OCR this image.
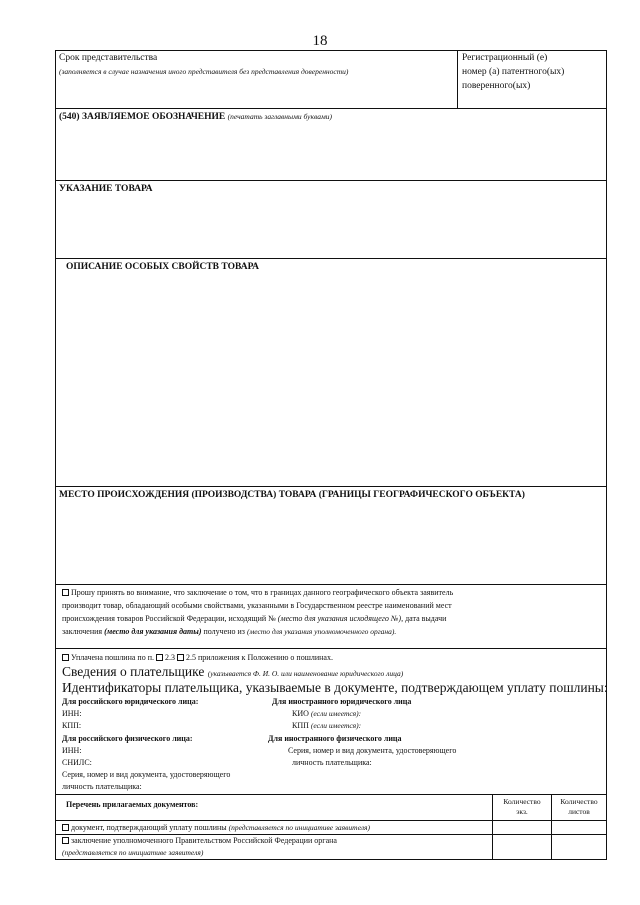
18
Срок представительства
(заполняется в случае назначения иного представителя без представления доверенности)
Регистрационный (е)
номер (а) патентного(ых)
поверенного(ых)
(540) ЗАЯВЛЯЕМОЕ ОБОЗНАЧЕНИЕ (печатать заглавными буквами)
УКАЗАНИЕ ТОВАРА
ОПИСАНИЕ ОСОБЫХ СВОЙСТВ ТОВАРА
МЕСТО ПРОИСХОЖДЕНИЯ (ПРОИЗВОДСТВА) ТОВАРА (ГРАНИЦЫ ГЕОГРАФИЧЕСКОГО ОБЪЕКТА)
Прошу принять во внимание, что заключение о том, что в границах данного географического объекта заявитель
производит товар, обладающий особыми свойствами, указанными в Государственном реестре наименований мест
происхождения товаров Российской Федерации, исходящий № (место для указания исходящего №), дата выдачи
заключения (место для указания даты) получено из (место для указания уполномоченного органа).
Уплачена пошлина по п. 2.3 2.5 приложения к Положению о пошлинах.
Сведения о плательщике (указывается Ф. И. О. или наименование юридического лица)
Идентификаторы плательщика, указываемые в документе, подтверждающем уплату пошлины:
Для российского юридического лица:
ИНН:
КПП:
Для иностранного юридического лица
КИО (если имеется):
КПП (если имеется):
Для российского физического лица:
ИНН:
СНИЛС:
Серия, номер и вид документа, удостоверяющего
личность плательщика:
Для иностранного физического лица
Серия, номер и вид документа, удостоверяющего
личность плательщика:
Перечень прилагаемых документов:	Количество
экз.
Количество
листов
документ, подтверждающий уплату пошлины (представляется по инициативе заявителя)
заключение уполномоченного Правительством Российской Федерации органа
(представляется по инициативе заявителя)
